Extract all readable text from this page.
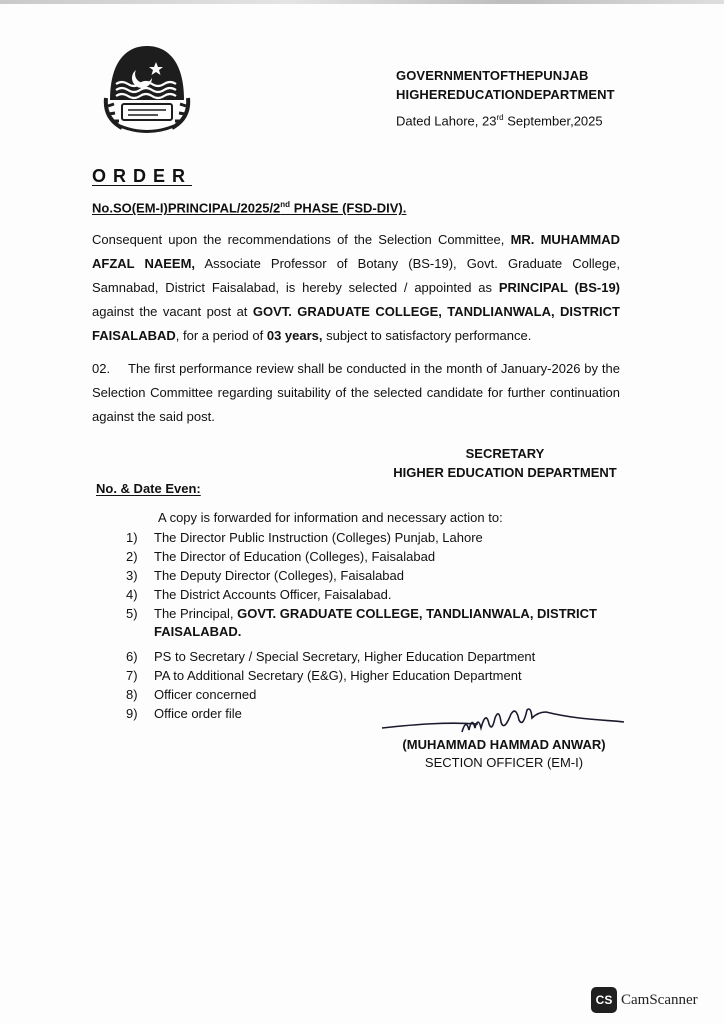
GOVERNMENTOFTHEPUNJAB
HIGHEREDUCATIONDEPARTMENT
Dated Lahore, 23rd September,2025
ORDER
No.SO(EM-I)PRINCIPAL/2025/2nd PHASE (FSD-DIV).
Consequent upon the recommendations of the Selection Committee, MR. MUHAMMAD AFZAL NAEEM, Associate Professor of Botany (BS-19), Govt. Graduate College, Samnabad, District Faisalabad, is hereby selected / appointed as PRINCIPAL (BS-19) against the vacant post at GOVT. GRADUATE COLLEGE, TANDLIANWALA, DISTRICT FAISALABAD, for a period of 03 years, subject to satisfactory performance.
02. The first performance review shall be conducted in the month of January-2026 by the Selection Committee regarding suitability of the selected candidate for further continuation against the said post.
SECRETARY
HIGHER EDUCATION DEPARTMENT
No. & Date Even:
A copy is forwarded for information and necessary action to:
1) The Director Public Instruction (Colleges) Punjab, Lahore
2) The Director of Education (Colleges), Faisalabad
3) The Deputy Director (Colleges), Faisalabad
4) The District Accounts Officer, Faisalabad.
5) The Principal, GOVT. GRADUATE COLLEGE, TANDLIANWALA, DISTRICT FAISALABAD.
6) PS to Secretary / Special Secretary, Higher Education Department
7) PA to Additional Secretary (E&G), Higher Education Department
8) Officer concerned
9) Office order file
(MUHAMMAD HAMMAD ANWAR)
SECTION OFFICER (EM-I)
CS CamScanner
